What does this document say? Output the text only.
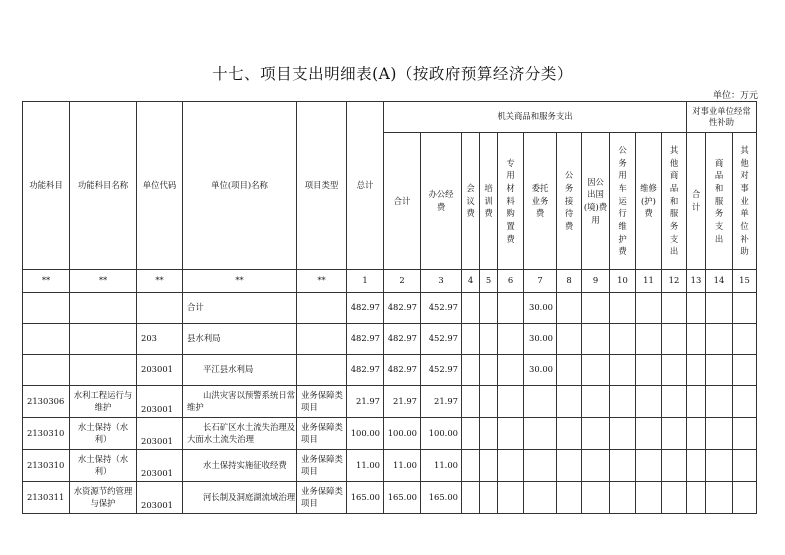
十七、项目支出明细表(A)（按政府预算经济分类）
单位：万元
功能科目	功能科目名称	单位代码	单位(项目)名称	项目类型	总计	机关商品和服务支出											对事业单位经常性补助		

						合计	办公经费	会议费	培训费	专用材料购置费	委托业务费	公务接待费	因公出国(境)费用	公务用车运行维护费	维修(护)费	其他商品和服务支出	合计	商品和服务支出	其他对事业单位补助
**	**	**	**	**	1	2	3	4	5	6	7	8	9	10	11	12	13	14	15
			合计		482.97	482.97	452.97				30.00								
		203	县水利局		482.97	482.97	452.97				30.00								
		203001	平江县水利局		482.97	482.97	452.97				30.00								
2130306	水利工程运行与维护	203001	山洪灾害以预警系统日常维护	业务保障类项目	21.97	21.97	21.97												
2130310	水土保持（水利）	203001	长石矿区水土流失治理及大面水土流失治理	业务保障类项目	100.00	100.00	100.00												
2130310	水土保持（水利）	203001	水土保持实施征收经费	业务保障类项目	11.00	11.00	11.00												
2130311	水资源节约管理与保护	203001	河长制及洞庭湖流域治理	业务保障类项目	165.00	165.00	165.00												
